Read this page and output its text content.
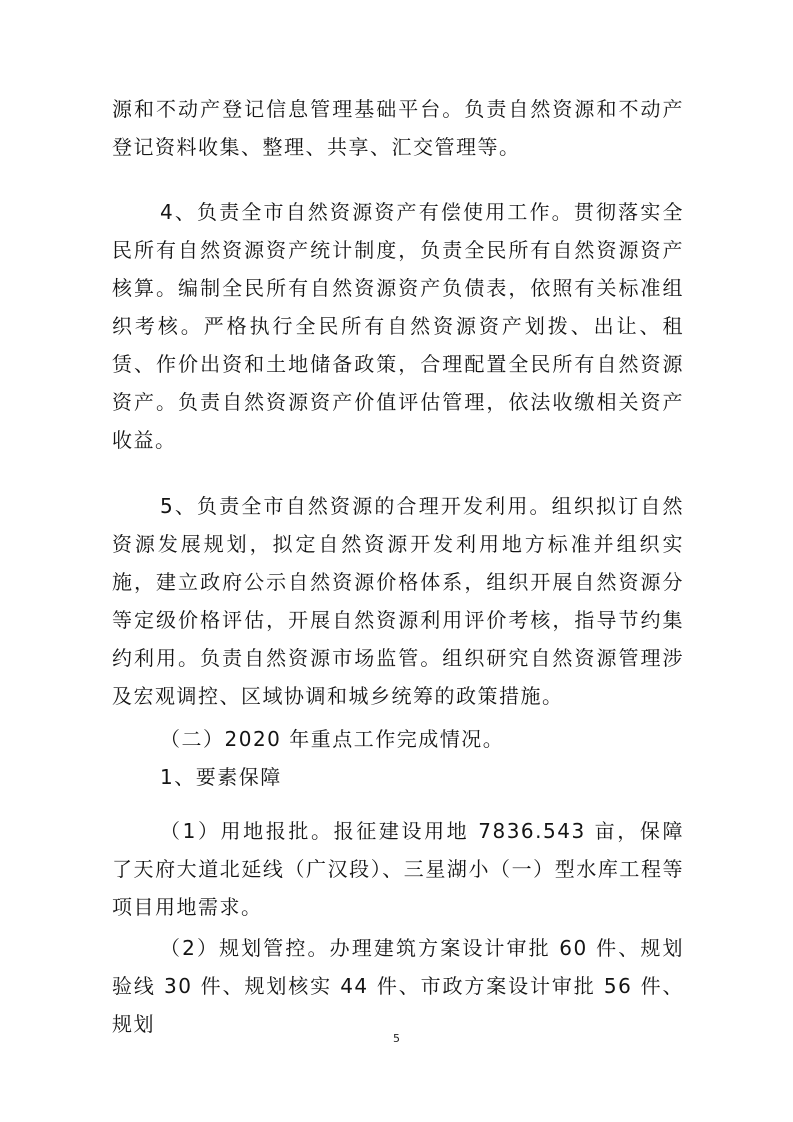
源和不动产登记信息管理基础平台。负责自然资源和不动产登记资料收集、整理、共享、汇交管理等。

4、负责全市自然资源资产有偿使用工作。贯彻落实全民所有自然资源资产统计制度，负责全民所有自然资源资产核算。编制全民所有自然资源资产负债表，依照有关标准组织考核。严格执行全民所有自然资源资产划拨、出让、租赁、作价出资和土地储备政策，合理配置全民所有自然资源资产。负责自然资源资产价值评估管理，依法收缴相关资产收益。

5、负责全市自然资源的合理开发利用。组织拟订自然资源发展规划，拟定自然资源开发利用地方标准并组织实施，建立政府公示自然资源价格体系，组织开展自然资源分等定级价格评估，开展自然资源利用评价考核，指导节约集约利用。负责自然资源市场监管。组织研究自然资源管理涉及宏观调控、区域协调和城乡统筹的政策措施。

（二）2020 年重点工作完成情况。

1、要素保障

（1）用地报批。报征建设用地 7836.543 亩，保障了天府大道北延线（广汉段）、三星湖小（一）型水库工程等项目用地需求。

（2）规划管控。办理建筑方案设计审批 60 件、规划验线 30 件、规划核实 44 件、市政方案设计审批 56 件、规划

5
